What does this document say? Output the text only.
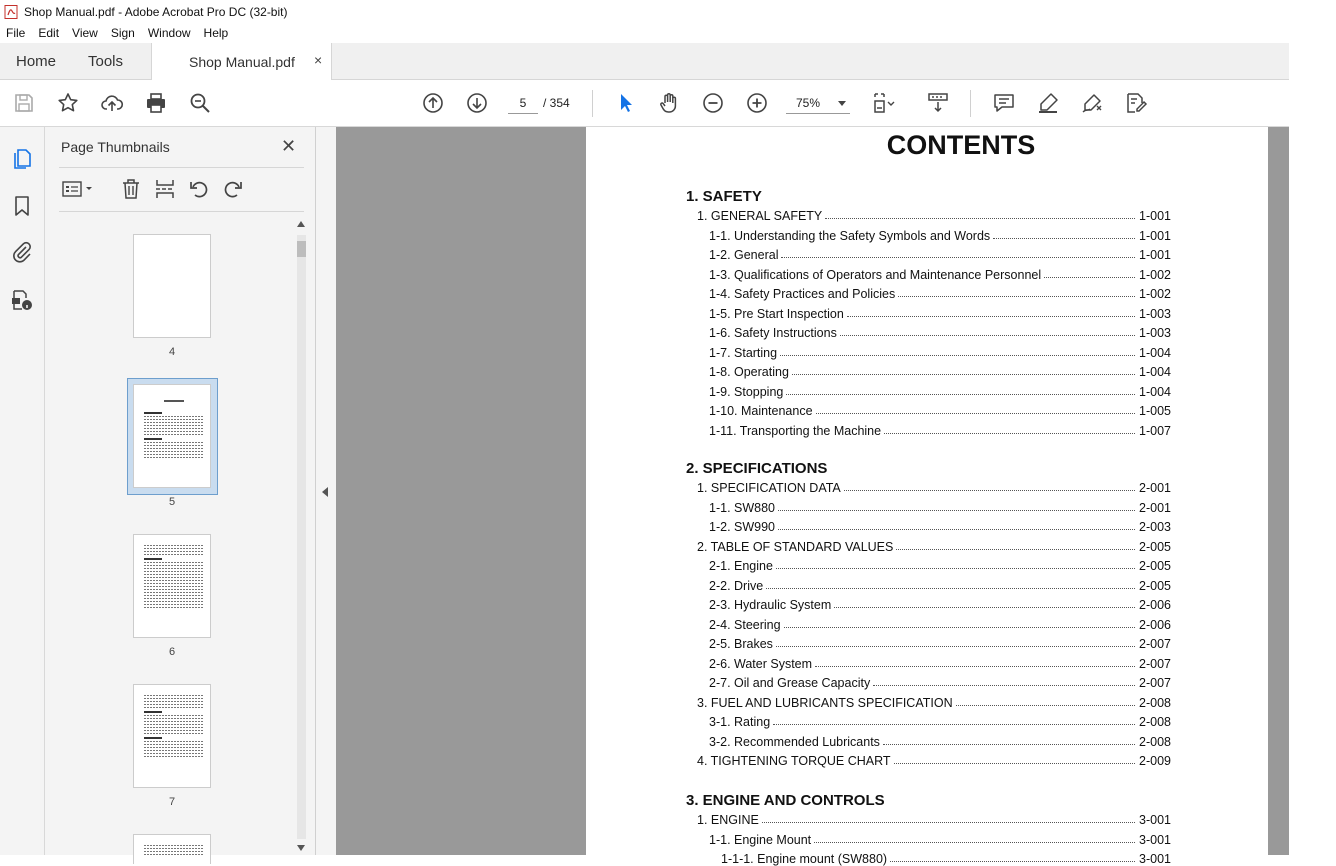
Shop Manual.pdf - Adobe Acrobat Pro DC (32-bit)
File Edit View Sign Window Help
Home Tools	Shop Manual.pdf ×
5	/ 354	75%
Page Thumbnails	✕
4
5
6
7
CONTENTS
1. SAFETY
1. GENERAL SAFETY	1-001
1-1. Understanding the Safety Symbols and Words	1-001
1-2. General	1-001
1-3. Qualifications of Operators and Maintenance Personnel	1-002
1-4. Safety Practices and Policies	1-002
1-5. Pre Start Inspection	1-003
1-6. Safety Instructions	1-003
1-7. Starting	1-004
1-8. Operating	1-004
1-9. Stopping	1-004
1-10. Maintenance	1-005
1-11. Transporting the Machine	1-007
2. SPECIFICATIONS
1. SPECIFICATION DATA	2-001
1-1. SW880	2-001
1-2. SW990	2-003
2. TABLE OF STANDARD VALUES	2-005
2-1. Engine	2-005
2-2. Drive	2-005
2-3. Hydraulic System	2-006
2-4. Steering	2-006
2-5. Brakes	2-007
2-6. Water System	2-007
2-7. Oil and Grease Capacity	2-007
3. FUEL AND LUBRICANTS SPECIFICATION	2-008
3-1. Rating	2-008
3-2. Recommended Lubricants	2-008
4. TIGHTENING TORQUE CHART	2-009
3. ENGINE AND CONTROLS
1. ENGINE	3-001
1-1. Engine Mount	3-001
1-1-1. Engine mount (SW880)	3-001
